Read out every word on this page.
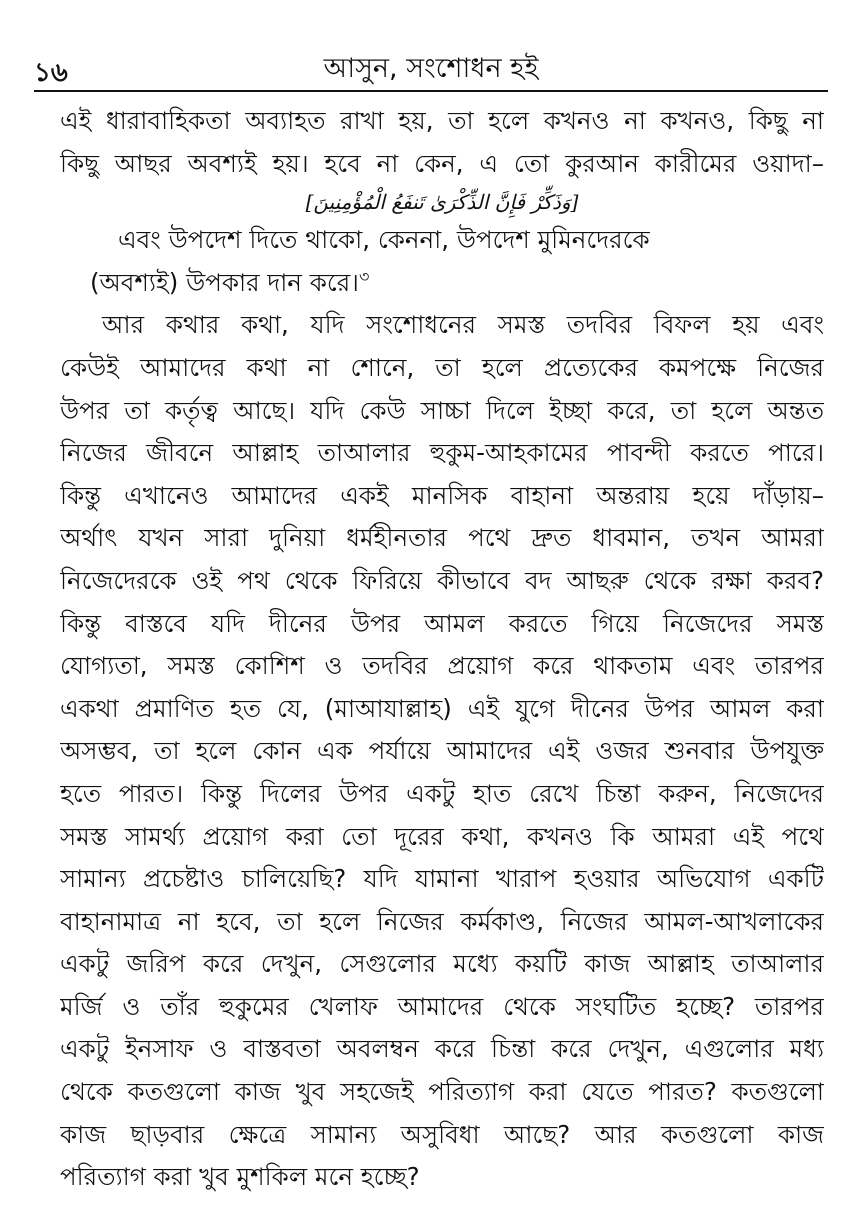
১৬	আসুন, সংশোধন হই
এই ধারাবাহিকতা অব্যাহত রাখা হয়, তা হলে কখনও না কখনও, কিছু না
কিছু আছর অবশ্যই হয়। হবে না কেন, এ তো কুরআন কারীমের ওয়াদা–
[وَذَكِّرْ فَإِنَّ الذِّكْرَىٰ تَنفَعُ الْمُؤْمِنِينَ]
এবং উপদেশ দিতে থাকো, কেননা, উপদেশ মুমিনদেরকে
(অবশ্যই) উপকার দান করে।$^৩$
আর কথার কথা, যদি সংশোধনের সমস্ত তদবির বিফল হয় এবং
কেউই আমাদের কথা না শোনে, তা হলে প্রত্যেকের কমপক্ষে নিজের
উপর তা কর্তৃত্ব আছে। যদি কেউ সাচ্চা দিলে ইচ্ছা করে, তা হলে অন্তত
নিজের জীবনে আল্লাহ তাআলার হুকুম-আহকামের পাবন্দী করতে পারে।
কিন্তু এখানেও আমাদের একই মানসিক বাহানা অন্তরায় হয়ে দাঁড়ায়–
অর্থাৎ যখন সারা দুনিয়া ধর্মহীনতার পথে দ্রুত ধাবমান, তখন আমরা
নিজেদেরকে ওই পথ থেকে ফিরিয়ে কীভাবে বদ আছরু থেকে রক্ষা করব?
কিন্তু বাস্তবে যদি দীনের উপর আমল করতে গিয়ে নিজেদের সমস্ত
যোগ্যতা, সমস্ত কোশিশ ও তদবির প্রয়োগ করে থাকতাম এবং তারপর
একথা প্রমাণিত হত যে, (মাআযাল্লাহ) এই যুগে দীনের উপর আমল করা
অসম্ভব, তা হলে কোন এক পর্যায়ে আমাদের এই ওজর শুনবার উপযুক্ত
হতে পারত। কিন্তু দিলের উপর একটু হাত রেখে চিন্তা করুন, নিজেদের
সমস্ত সামর্থ্য প্রয়োগ করা তো দূরের কথা, কখনও কি আমরা এই পথে
সামান্য প্রচেষ্টাও চালিয়েছি? যদি যামানা খারাপ হওয়ার অভিযোগ একটি
বাহানামাত্র না হবে, তা হলে নিজের কর্মকাণ্ড, নিজের আমল-আখলাকের
একটু জরিপ করে দেখুন, সেগুলোর মধ্যে কয়টি কাজ আল্লাহ তাআলার
মর্জি ও তাঁর হুকুমের খেলাফ আমাদের থেকে সংঘটিত হচ্ছে? তারপর
একটু ইনসাফ ও বাস্তবতা অবলম্বন করে চিন্তা করে দেখুন, এগুলোর মধ্য
থেকে কতগুলো কাজ খুব সহজেই পরিত্যাগ করা যেতে পারত? কতগুলো
কাজ ছাড়বার ক্ষেত্রে সামান্য অসুবিধা আছে? আর কতগুলো কাজ
পরিত্যাগ করা খুব মুশকিল মনে হচ্ছে?
